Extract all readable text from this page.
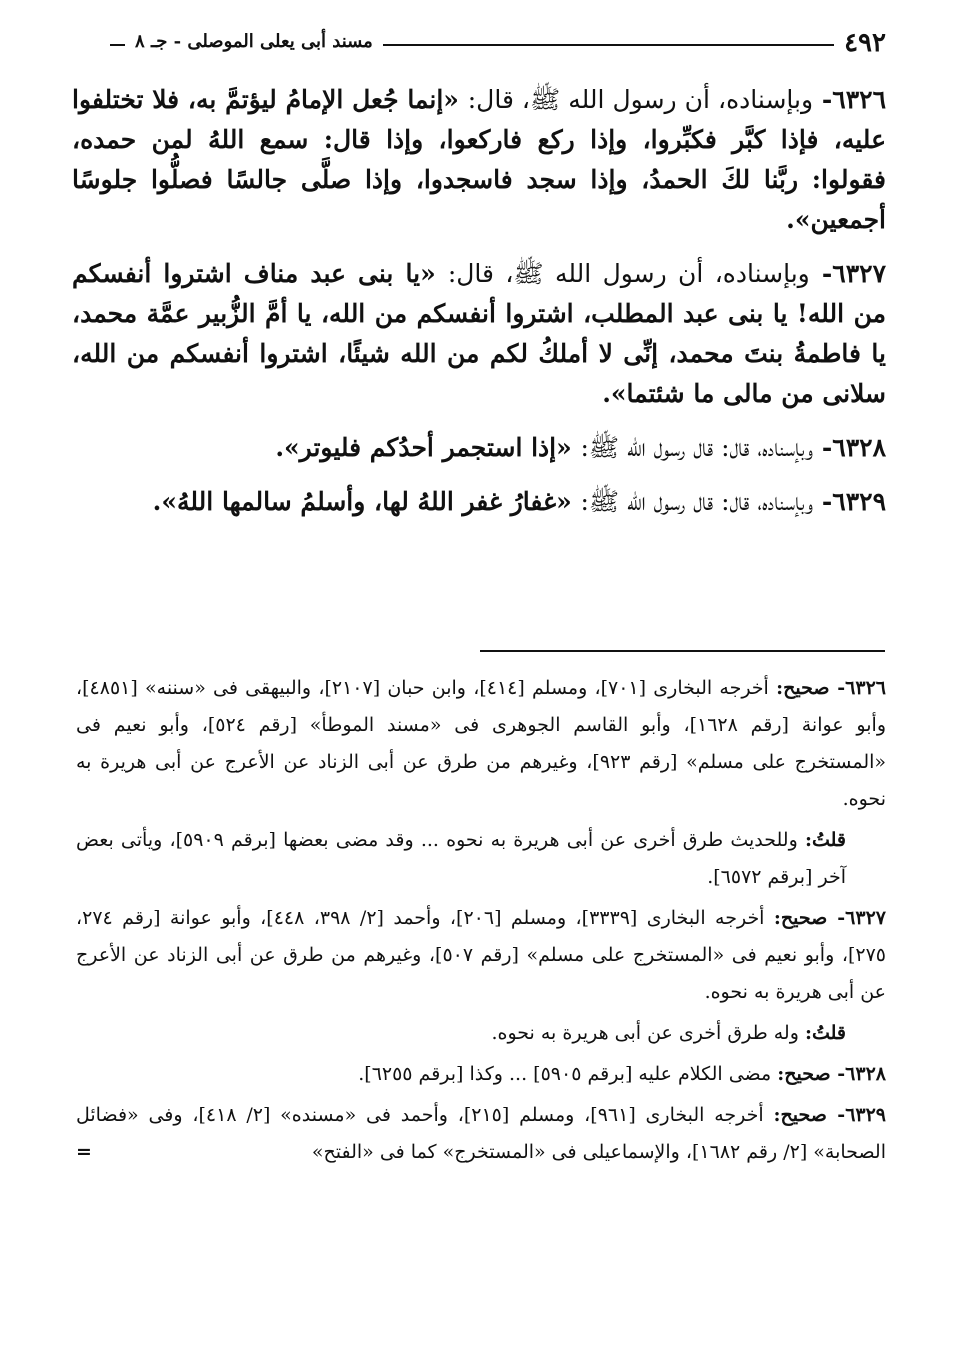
٤٩٢
مسند أبى يعلى الموصلى - جـ ٨

٦٣٢٦- وبإسناده، أن رسول الله ﷺ، قال: «إنما جُعل الإمامُ ليؤتمَّ به، فلا تختلفوا عليه، فإذا كبَّر فكبِّروا، وإذا ركع فاركعوا، وإذا قال: سمع اللهُ لمن حمده، فقولوا: ربَّنا لكَ الحمدُ، وإذا سجد فاسجدوا، وإذا صلَّى جالسًا فصلُّوا جلوسًا أجمعين».

٦٣٢٧- وبإسناده، أن رسول الله ﷺ، قال: «يا بنى عبد مناف اشتروا أنفسكم من الله! يا بنى عبد المطلب، اشتروا أنفسكم من الله، يا أمَّ الزُّبير عمَّة محمد، يا فاطمةُ بنتَ محمد، إنِّى لا أملكُ لكم من الله شيئًا، اشتروا أنفسكم من الله، سلانى من مالى ما شئتما».

٦٣٢٨- وبإسناده، قال: قال رسول الله ﷺ: «إذا استجمر أحدُكم فليوتر».

٦٣٢٩- وبإسناده، قال: قال رسول الله ﷺ: «غفارُ غفر اللهُ لها، وأسلمُ سالمها اللهُ».

٦٣٢٦- صحيح: أخرجه البخارى [٧٠١]، ومسلم [٤١٤]، وابن حبان [٢١٠٧]، والبيهقى فى «سننه» [٤٨٥١]، وأبو عوانة [رقم ١٦٢٨]، وأبو القاسم الجوهرى فى «مسند الموطأ» [رقم ٥٢٤]، وأبو نعيم فى «المستخرج على مسلم» [رقم ٩٢٣]، وغيرهم من طرق عن أبى الزناد عن الأعرج عن أبى هريرة به نحوه.

قلتُ: وللحديث طرق أخرى عن أبى هريرة به نحوه ... وقد مضى بعضها [برقم ٥٩٠٩]، ويأتى بعض آخر [برقم ٦٥٧٢].

٦٣٢٧- صحيح: أخرجه البخارى [٣٣٣٩]، ومسلم [٢٠٦]، وأحمد [٢/ ٣٩٨، ٤٤٨]، وأبو عوانة [رقم ٢٧٤، ٢٧٥]، وأبو نعيم فى «المستخرج على مسلم» [رقم ٥٠٧]، وغيرهم من طرق عن أبى الزناد عن الأعرج عن أبى هريرة به نحوه.

قلتُ: وله طرق أخرى عن أبى هريرة به نحوه.

٦٣٢٨- صحيح: مضى الكلام عليه [برقم ٥٩٠٥] ... وكذا [برقم ٦٢٥٥].

٦٣٢٩- صحيح: أخرجه البخارى [٩٦١]، ومسلم [٢١٥]، وأحمد فى «مسنده» [٢/ ٤١٨]، وفى «فضائل الصحابة» [٢/ رقم ١٦٨٢]، والإسماعيلى فى «المستخرج» كما فى «الفتح»
=
